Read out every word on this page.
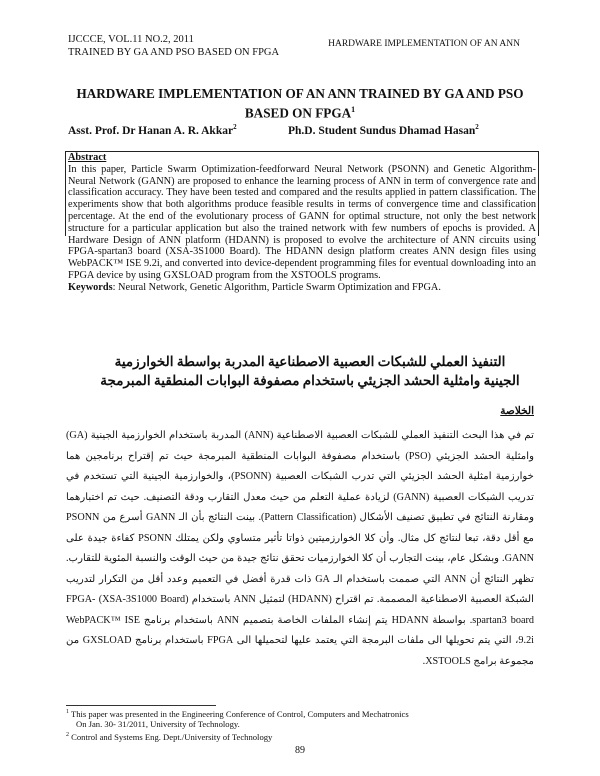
IJCCCE, VOL.11 NO.2, 2011
TRAINED BY GA AND PSO BASED ON FPGA
HARDWARE IMPLEMENTATION OF AN ANN
HARDWARE IMPLEMENTATION OF AN ANN TRAINED BY GA AND PSO BASED ON FPGA$^1$
Asst. Prof. Dr Hanan A. R. Akkar$^2$	Ph.D. Student Sundus Dhamad Hasan$^2$
Abstract
In this paper, Particle Swarm Optimization-feedforward Neural Network (PSONN) and Genetic Algorithm-Neural Network (GANN) are proposed to enhance the learning process of ANN in term of convergence rate and classification accuracy. They have been tested and compared and the results applied in pattern classification. The experiments show that both algorithms produce feasible results in terms of convergence time and classification percentage. At the end of the evolutionary process of GANN for optimal structure, not only the best network structure for a particular application but also the trained network with few numbers of epochs is provided. A Hardware Design of ANN platform (HDANN) is proposed to evolve the architecture of ANN circuits using FPGA-spartan3 board (XSA-3S1000 Board). The HDANN design platform creates ANN design files using WebPACK™ ISE 9.2i, and converted into device-dependent programming files for eventual downloading into an FPGA device by using GXSLOAD program from the XSTOOLS programs.
Keywords: Neural Network, Genetic Algorithm, Particle Swarm Optimization and FPGA.
التنفيذ العملي للشبكات العصبية الاصطناعية المدربة بواسطة الخوارزمية الجينية وامثلية الحشد الجزيئي باستخدام مصفوفة البوابات المنطقية المبرمجة
الخلاصة
تم في هذا البحث التنفيذ العملي للشبكات العصبية الاصطناعية (ANN) المدربة باستخدام الخوارزمية الجينية (GA) وامثلية الحشد الجزيئي (PSO) باستخدام مصفوفة البوابات المنطقية المبرمجة حيث تم إقتراح برنامجين هما خوارزمية امثلية الحشد الجزيئي التي تدرب الشبكات العصبية (PSONN)، والخوارزمية الجينية التي تستخدم في تدريب الشبكات العصبية (GANN) لزيادة عملية التعلم من حيث معدل التقارب ودقة التصنيف. حيث تم اختبارهما ومقارنة النتائج في تطبيق تصنيف الأشكال (Pattern Classification). بينت النتائج بأن الـ GANN أسرع من PSONN مع أقل دقة، تبعا لنتائج كل مثال. وأن كلا الخوارزميتين ذواتا تأثير متساوي ولكن يمتلك PSONN كفاءة جيدة على GANN. وبشكل عام، بينت التجارب أن كلا الخوارزميات تحقق نتائج جيدة من حيث الوقت والنسبة المئوية للتقارب. تظهر النتائج أن ANN التي صممت باستخدام الـ GA ذات قدرة أفضل في التعميم وعدد أقل من التكرار لتدريب الشبكة العصبية الاصطناعية المصممة. تم اقتراح (HDANN) لتمثيل ANN باستخدام (XSA-3S1000 Board) FPGA-spartan3 board. بواسطة HDANN يتم إنشاء الملفات الخاصة بتصميم ANN باستخدام برنامج WebPACK™ ISE 9.2i، التي يتم تحويلها الى ملفات البرمجة التي يعتمد عليها لتحميلها الى FPGA باستخدام برنامج GXSLOAD من مجموعة برامج XSTOOLS.
$^1$ This paper was presented in the Engineering Conference of Control, Computers and Mechatronics
On Jan. 30- 31/2011, University of Technology.
$^2$ Control and Systems Eng. Dept./University of Technology
89
